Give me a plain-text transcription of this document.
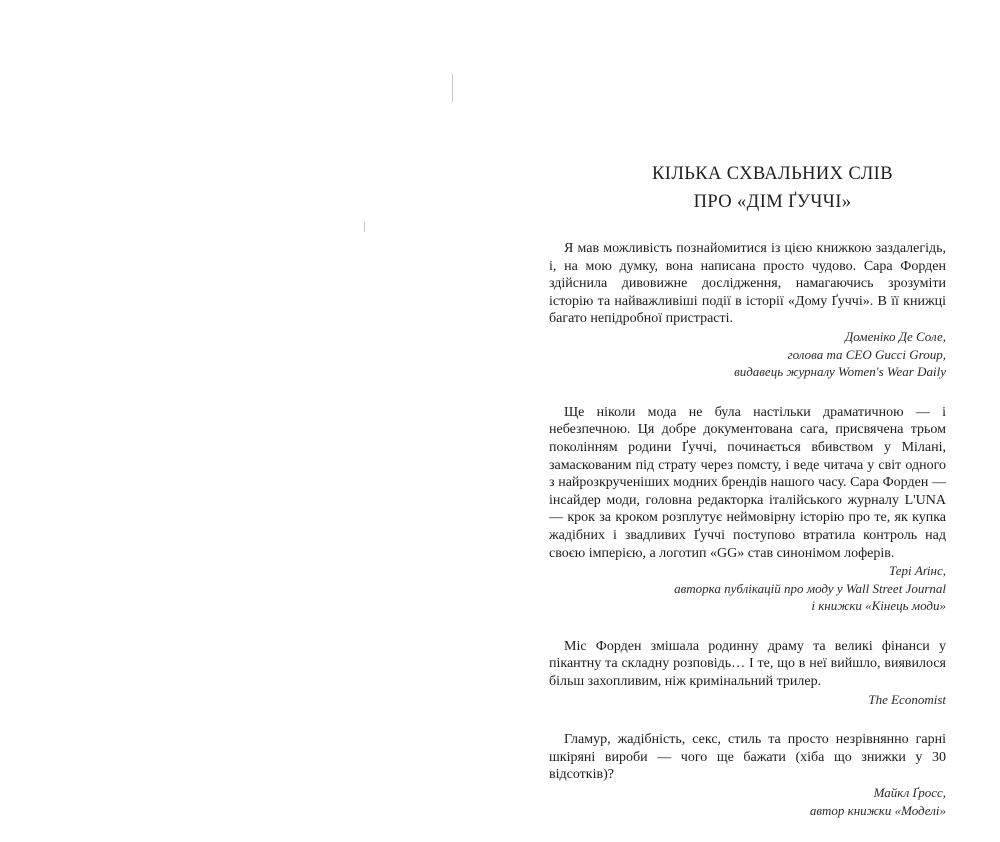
КІЛЬКА СХВАЛЬНИХ СЛІВ
ПРО «ДІМ ҐУЧЧІ»

Я мав можливість познайомитися із цією книжкою заздалегідь, і, на мою думку, вона написана просто чудово. Сара Форден здійснила дивовижне дослідження, намагаючись зрозуміти історію та найважливіші події в історії «Дому Ґуччі». В її книжці багато непідробної пристрасті.

Доменіко Де Соле,
голова та CEO Gucci Group,
видавець журналу Women's Wear Daily

Ще ніколи мода не була настільки драматичною — і небезпечною. Ця добре документована сага, присвячена трьом поколінням родини Ґуччі, починається вбивством у Мілані, замаскованим під страту через помсту, і веде читача у світ одного з найрозкрученіших модних брендів нашого часу. Сара Форден — інсайдер моди, головна редакторка італійського журналу L'UNA — крок за кроком розплутує неймовірну історію про те, як купка жадібних і звадливих Ґуччі поступово втратила контроль над своєю імперією, а логотип «GG» став синонімом лоферів.

Тері Аґінс,
авторка публікацій про моду у Wall Street Journal
і книжки «Кінець моди»

Міс Форден змішала родинну драму та великі фінанси у пікантну та складну розповідь… І те, що в неї вийшло, виявилося більш захопливим, ніж кримінальний трилер.

The Economist

Гламур, жадібність, секс, стиль та просто незрівнянно гарні шкіряні вироби — чого ще бажати (хіба що знижки у 30 відсотків)?

Майкл Ґросс,
автор книжки «Моделі»
